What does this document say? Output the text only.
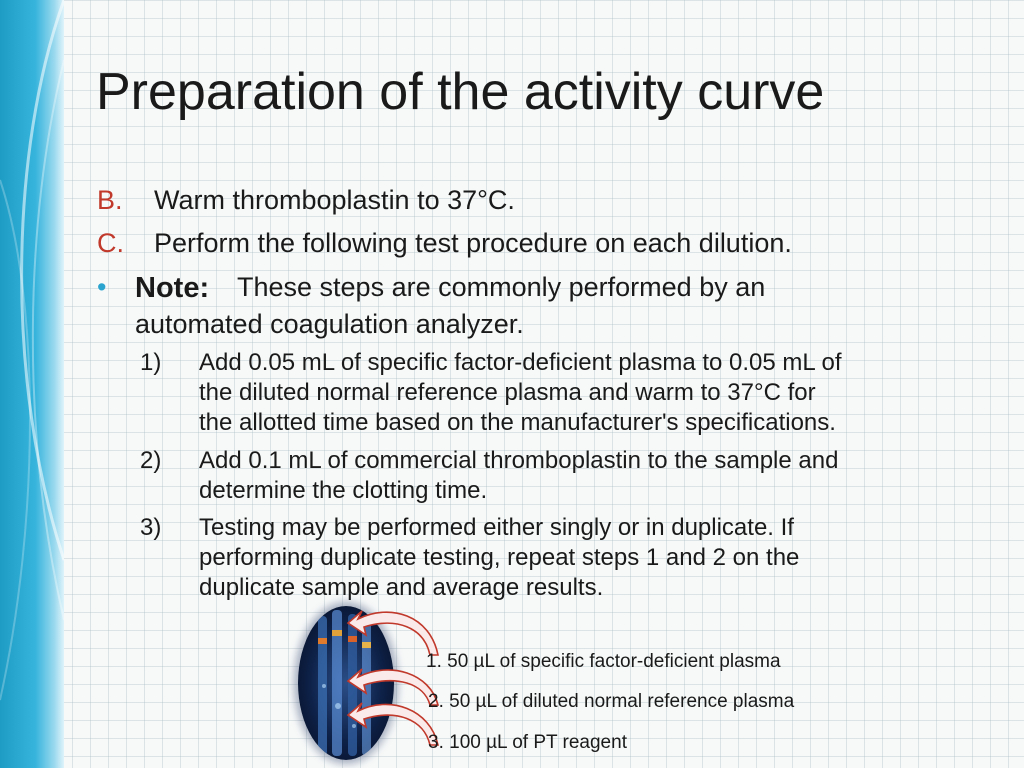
Preparation of the activity curve
B. Warm thromboplastin to 37°C.
C. Perform the following test procedure on each dilution.
• Note: These steps are commonly performed by an
automated coagulation analyzer.
1) Add 0.05 mL of specific factor-deficient plasma to 0.05 mL of
the diluted normal reference plasma and warm to 37°C for
the allotted time based on the manufacturer's specifications.
2) Add 0.1 mL of commercial thromboplastin to the sample and
determine the clotting time.
3) Testing may be performed either singly or in duplicate. If
performing duplicate testing, repeat steps 1 and 2 on the
duplicate sample and average results.
1. 50 µL of specific factor-deficient plasma
2. 50 µL of diluted normal reference plasma
3. 100 µL of PT reagent
